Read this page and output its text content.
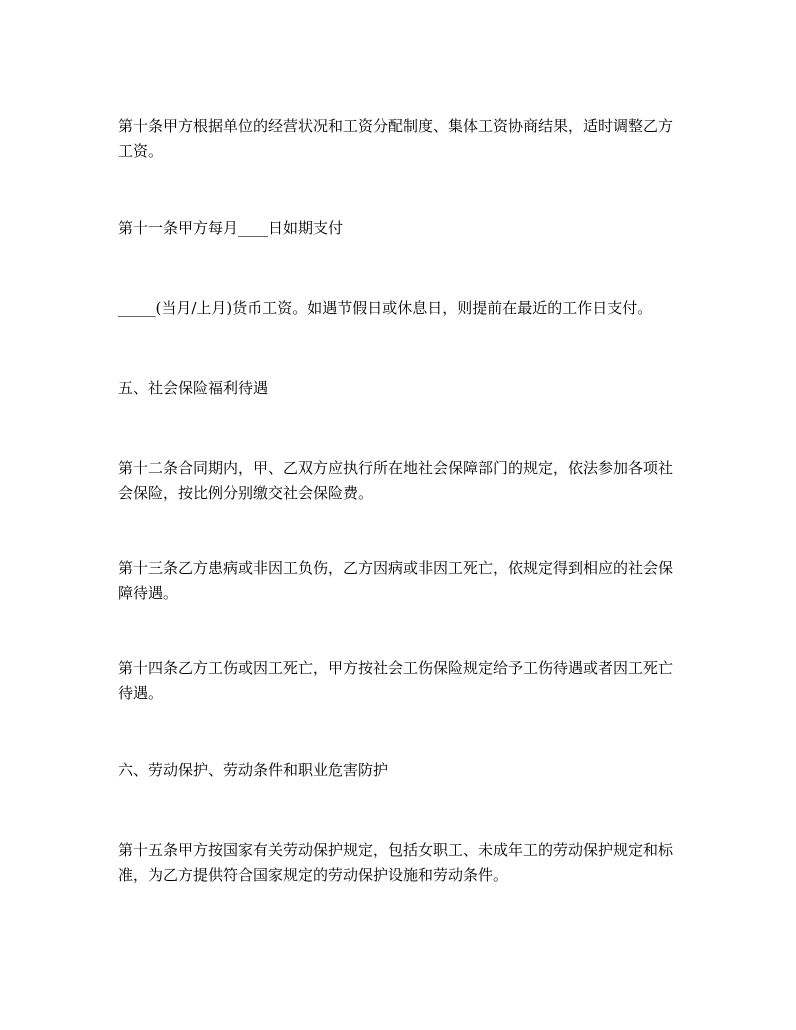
第十条甲方根据单位的经营状况和工资分配制度、集体工资协商结果，适时调整乙方工资。

第十一条甲方每月____日如期支付

_____(当月/上月)货币工资。如遇节假日或休息日，则提前在最近的工作日支付。

五、社会保险福利待遇

第十二条合同期内，甲、乙双方应执行所在地社会保障部门的规定，依法参加各项社会保险，按比例分别缴交社会保险费。

第十三条乙方患病或非因工负伤，乙方因病或非因工死亡，依规定得到相应的社会保障待遇。

第十四条乙方工伤或因工死亡，甲方按社会工伤保险规定给予工伤待遇或者因工死亡待遇。

六、劳动保护、劳动条件和职业危害防护

第十五条甲方按国家有关劳动保护规定，包括女职工、未成年工的劳动保护规定和标准，为乙方提供符合国家规定的劳动保护设施和劳动条件。
